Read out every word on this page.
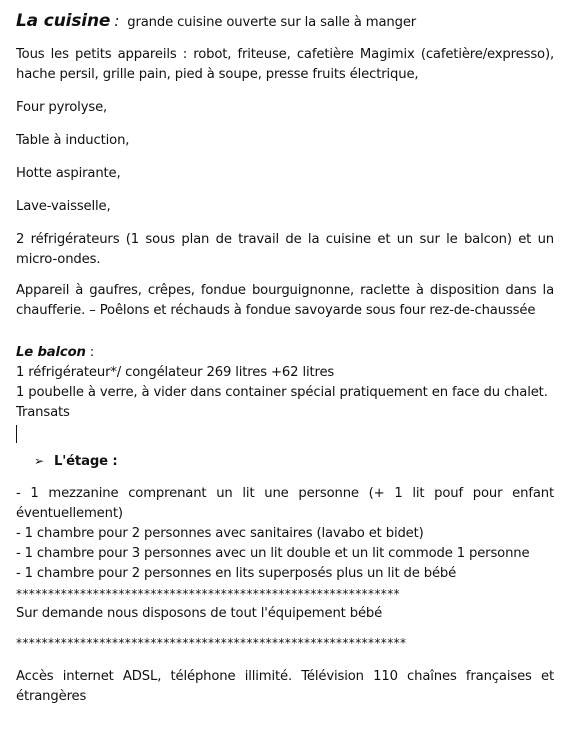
La cuisine : grande cuisine ouverte sur la salle à manger

Tous les petits appareils : robot, friteuse, cafetière Magimix (cafetière/expresso), hache persil, grille pain, pied à soupe, presse fruits électrique,

Four pyrolyse,

Table à induction,

Hotte aspirante,

Lave-vaisselle,

2 réfrigérateurs (1 sous plan de travail de la cuisine et un sur le balcon) et un micro-ondes.

Appareil à gaufres, crêpes, fondue bourguignonne, raclette à disposition dans la chaufferie. – Poêlons et réchauds à fondue savoyarde sous four rez-de-chaussée

Le balcon :

1 réfrigérateur*/ congélateur 269 litres +62 litres

1 poubelle à verre, à vider dans container spécial pratiquement en face du chalet.

Transats

➢ L'étage :

- 1 mezzanine comprenant un lit une personne (+ 1 lit pouf pour enfant éventuellement)

- 1 chambre pour 2 personnes avec sanitaires (lavabo et bidet)

- 1 chambre pour 3 personnes avec un lit double et un lit commode 1 personne

- 1 chambre pour 2 personnes en lits superposés plus un lit de bébé

************************************************************

Sur demande nous disposons de tout l'équipement bébé

*************************************************************

Accès internet ADSL, téléphone illimité. Télévision 110 chaînes françaises et étrangères
